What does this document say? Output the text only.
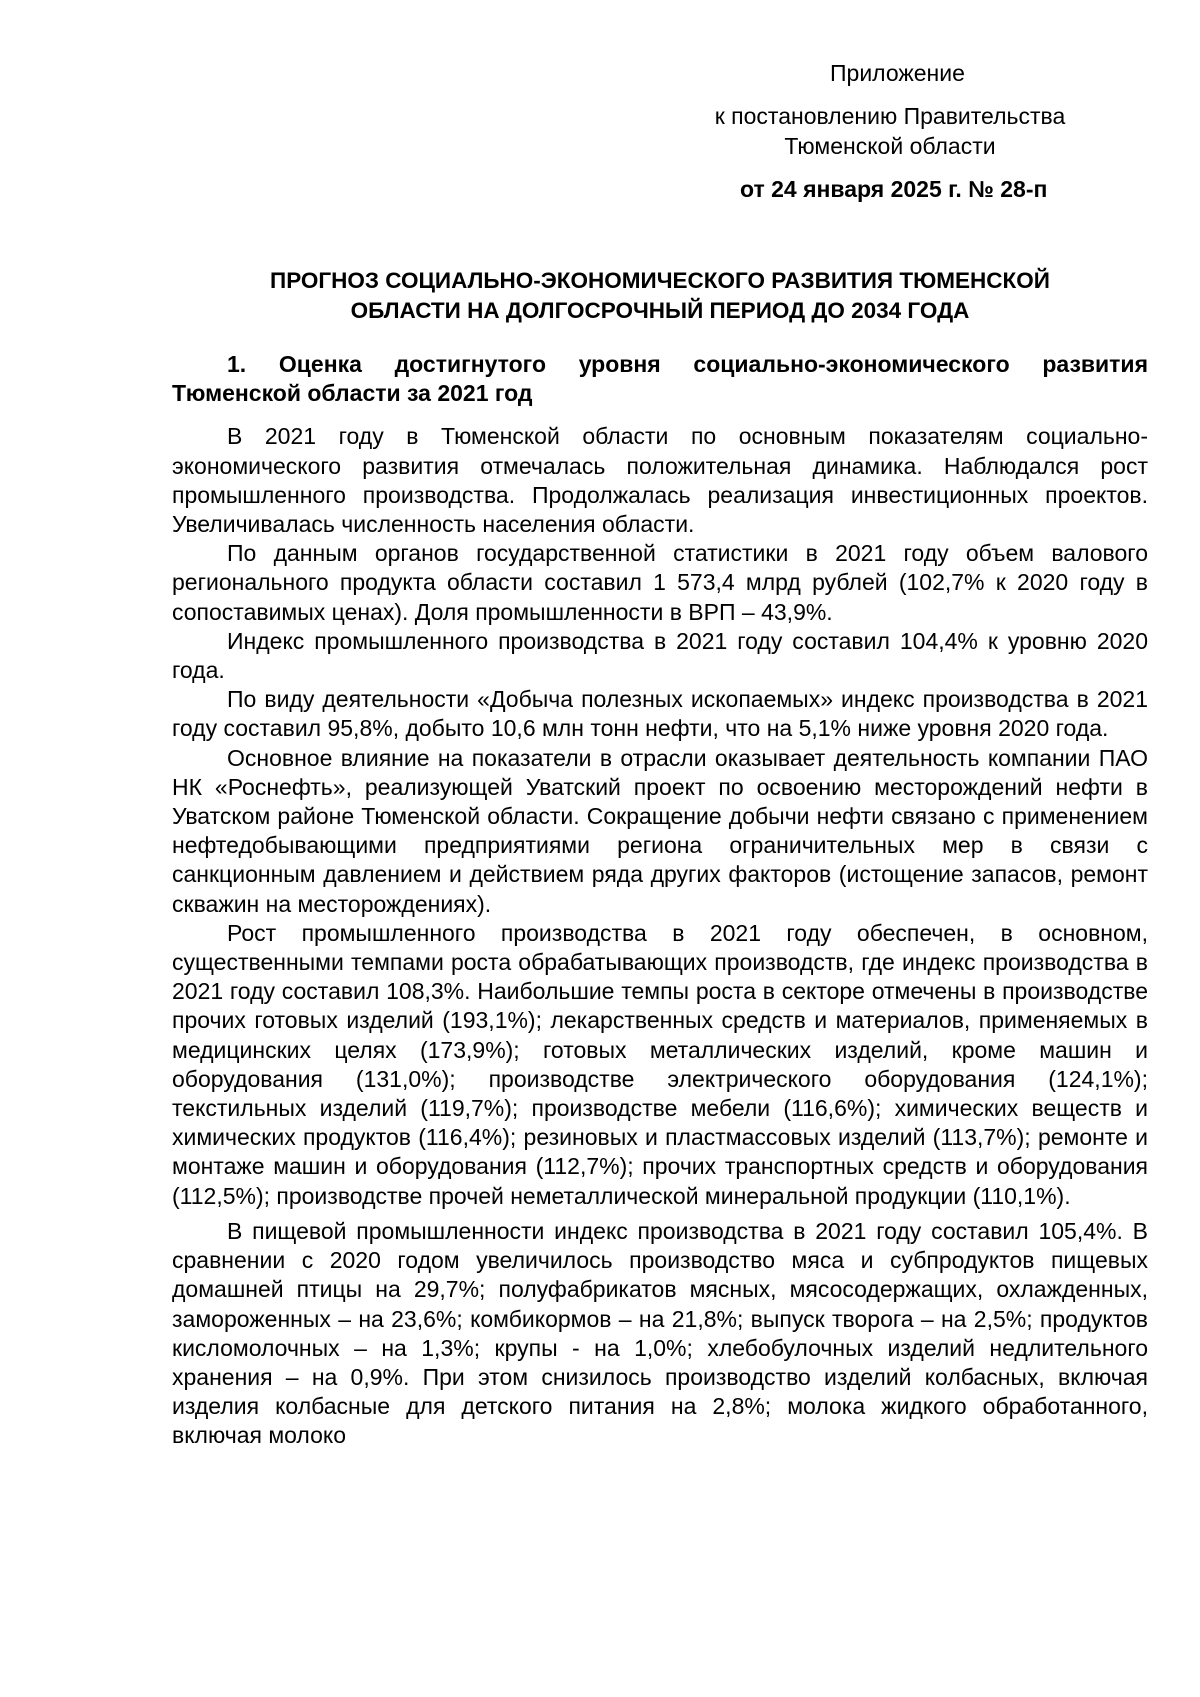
Приложение
к постановлению Правительства
Тюменской области
от 24 января 2025 г. № 28-п
ПРОГНОЗ СОЦИАЛЬНО-ЭКОНОМИЧЕСКОГО РАЗВИТИЯ ТЮМЕНСКОЙ
ОБЛАСТИ НА ДОЛГОСРОЧНЫЙ ПЕРИОД ДО 2034 ГОДА

1. Оценка достигнутого уровня социально-экономического развития Тюменской области за 2021 год

В 2021 году в Тюменской области по основным показателям социально-экономического развития отмечалась положительная динамика. Наблюдался рост промышленного производства. Продолжалась реализация инвестиционных проектов. Увеличивалась численность населения области.

По данным органов государственной статистики в 2021 году объем валового регионального продукта области составил 1 573,4 млрд рублей (102,7% к 2020 году в сопоставимых ценах). Доля промышленности в ВРП – 43,9%.

Индекс промышленного производства в 2021 году составил 104,4% к уровню 2020 года.

По виду деятельности «Добыча полезных ископаемых» индекс производства в 2021 году составил 95,8%, добыто 10,6 млн тонн нефти, что на 5,1% ниже уровня 2020 года.

Основное влияние на показатели в отрасли оказывает деятельность компании ПАО НК «Роснефть», реализующей Уватский проект по освоению месторождений нефти в Уватском районе Тюменской области. Сокращение добычи нефти связано с применением нефтедобывающими предприятиями региона ограничительных мер в связи с санкционным давлением и действием ряда других факторов (истощение запасов, ремонт скважин на месторождениях).

Рост промышленного производства в 2021 году обеспечен, в основном, существенными темпами роста обрабатывающих производств, где индекс производства в 2021 году составил 108,3%. Наибольшие темпы роста в секторе отмечены в производстве прочих готовых изделий (193,1%); лекарственных средств и материалов, применяемых в медицинских целях (173,9%); готовых металлических изделий, кроме машин и оборудования (131,0%); производстве электрического оборудования (124,1%); текстильных изделий (119,7%); производстве мебели (116,6%); химических веществ и химических продуктов (116,4%); резиновых и пластмассовых изделий (113,7%); ремонте и монтаже машин и оборудования (112,7%); прочих транспортных средств и оборудования (112,5%); производстве прочей неметаллической минеральной продукции (110,1%).

В пищевой промышленности индекс производства в 2021 году составил 105,4%. В сравнении с 2020 годом увеличилось производство мяса и субпродуктов пищевых домашней птицы на 29,7%; полуфабрикатов мясных, мясосодержащих, охлажденных, замороженных – на 23,6%; комбикормов – на 21,8%; выпуск творога – на 2,5%; продуктов кисломолочных – на 1,3%; крупы - на 1,0%; хлебобулочных изделий недлительного хранения – на 0,9%. При этом снизилось производство изделий колбасных, включая изделия колбасные для детского питания на 2,8%; молока жидкого обработанного, включая молоко
